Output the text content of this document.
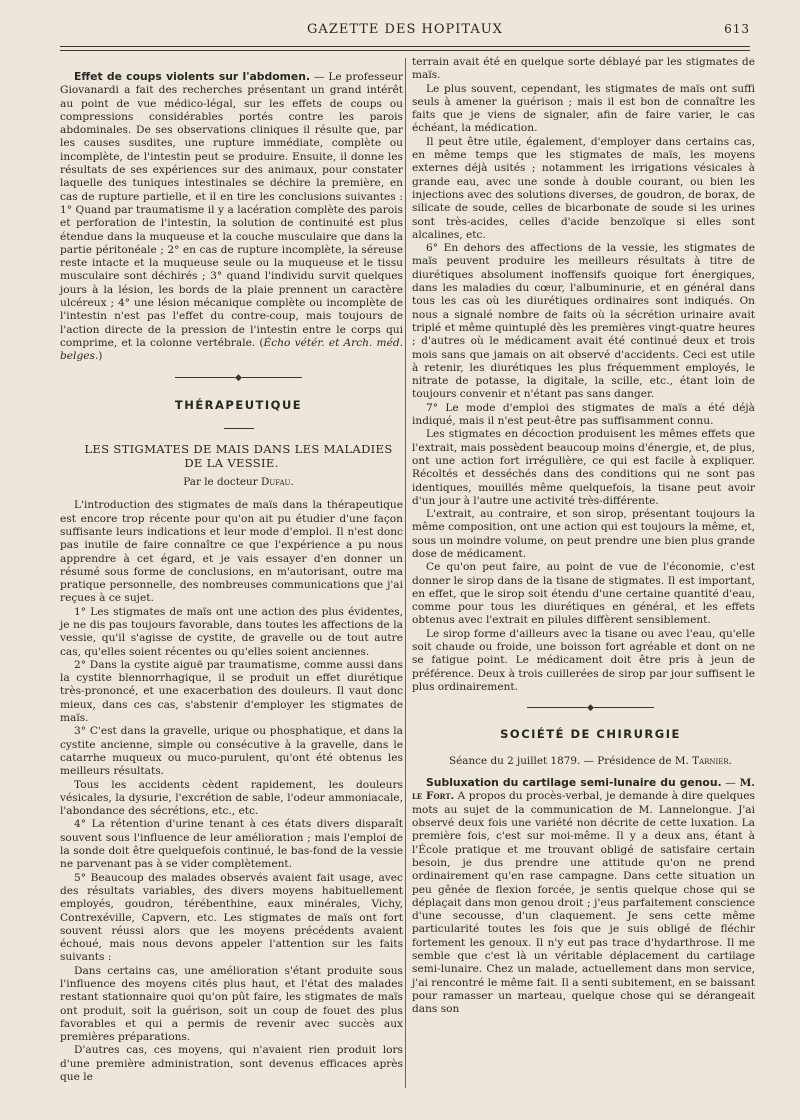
GAZETTE DES HOPITAUX	613

Effet de coups violents sur l'abdomen. — Le professeur Giovanardi a fait des recherches présentant un grand intérêt au point de vue médico-légal, sur les effets de coups ou compressions considérables portés contre les parois abdominales. De ses observations cliniques il résulte que, par les causes susdites, une rupture immédiate, complète ou incomplète, de l'intestin peut se produire. Ensuite, il donne les résultats de ses expériences sur des animaux, pour constater laquelle des tuniques intestinales se déchire la première, en cas de rupture partielle, et il en tire les conclusions suivantes : 1° Quand par traumatisme il y a lacération complète des parois et perforation de l'intestin, la solution de continuité est plus étendue dans la muqueuse et la couche musculaire que dans la partie péritonéale ; 2° en cas de rupture incomplète, la séreuse reste intacte et la muqueuse seule ou la muqueuse et le tissu musculaire sont déchirés ; 3° quand l'individu survit quelques jours à la lésion, les bords de la plaie prennent un caractère ulcéreux ; 4° une lésion mécanique complète ou incomplète de l'intestin n'est pas l'effet du contre-coup, mais toujours de l'action directe de la pression de l'intestin entre le corps qui comprime, et la colonne vertébrale. (Écho vétér. et Arch. méd. belges.)

◆

THÉRAPEUTIQUE

LES STIGMATES DE MAIS DANS LES MALADIES DE LA VESSIE.

Par le docteur Dufau.

L'introduction des stigmates de maïs dans la thérapeutique est encore trop récente pour qu'on ait pu étudier d'une façon suffisante leurs indications et leur mode d'emploi. Il n'est donc pas inutile de faire connaître ce que l'expérience a pu nous apprendre à cet égard, et je vais essayer d'en donner un résumé sous forme de conclusions, en m'autorisant, outre ma pratique personnelle, des nombreuses communications que j'ai reçues à ce sujet.

1° Les stigmates de maïs ont une action des plus évidentes, je ne dis pas toujours favorable, dans toutes les affections de la vessie, qu'il s'agisse de cystite, de gravelle ou de tout autre cas, qu'elles soient récentes ou qu'elles soient anciennes.

2° Dans la cystite aiguë par traumatisme, comme aussi dans la cystite blennorrhagique, il se produit un effet diurétique très-prononcé, et une exacerbation des douleurs. Il vaut donc mieux, dans ces cas, s'abstenir d'employer les stigmates de maïs.

3° C'est dans la gravelle, urique ou phosphatique, et dans la cystite ancienne, simple ou consécutive à la gravelle, dans le catarrhe muqueux ou muco-purulent, qu'ont été obtenus les meilleurs résultats.

Tous les accidents cèdent rapidement, les douleurs vésicales, la dysurie, l'excrétion de sable, l'odeur ammoniacale, l'abondance des sécrétions, etc., etc.

4° La rétention d'urine tenant à ces états divers disparaît souvent sous l'influence de leur amélioration ; mais l'emploi de la sonde doit être quelquefois continué, le bas-fond de la vessie ne parvenant pas à se vider complètement.

5° Beaucoup des malades observés avaient fait usage, avec des résultats variables, des divers moyens habituellement employés, goudron, térébenthine, eaux minérales, Vichy, Contrexéville, Capvern, etc. Les stigmates de maïs ont fort souvent réussi alors que les moyens précédents avaient échoué, mais nous devons appeler l'attention sur les faits suivants :

Dans certains cas, une amélioration s'étant produite sous l'influence des moyens cités plus haut, et l'état des malades restant stationnaire quoi qu'on pût faire, les stigmates de maïs ont produit, soit la guérison, soit un coup de fouet des plus favorables et qui a permis de revenir avec succès aux premières préparations.

D'autres cas, ces moyens, qui n'avaient rien produit lors d'une première administration, sont devenus efficaces après que le

terrain avait été en quelque sorte déblayé par les stigmates de maïs.

Le plus souvent, cependant, les stigmates de maïs ont suffi seuls à amener la guérison ; mais il est bon de connaître les faits que je viens de signaler, afin de faire varier, le cas échéant, la médication.

Il peut être utile, également, d'employer dans certains cas, en même temps que les stigmates de maïs, les moyens externes déjà usités ; notamment les irrigations vésicales à grande eau, avec une sonde à double courant, ou bien les injections avec des solutions diverses, de goudron, de borax, de silicate de soude, celles de bicarbonate de soude si les urines sont très-acides, celles d'acide benzoïque si elles sont alcalines, etc.

6° En dehors des affections de la vessie, les stigmates de maïs peuvent produire les meilleurs résultats à titre de diurétiques absolument inoffensifs quoique fort énergiques, dans les maladies du cœur, l'albuminurie, et en général dans tous les cas où les diurétiques ordinaires sont indiqués. On nous a signalé nombre de faits où la sécrétion urinaire avait triplé et même quintuplé dès les premières vingt-quatre heures ; d'autres où le médicament avait été continué deux et trois mois sans que jamais on ait observé d'accidents. Ceci est utile à retenir, les diurétiques les plus fréquemment employés, le nitrate de potasse, la digitale, la scille, etc., étant loin de toujours convenir et n'étant pas sans danger.

7° Le mode d'emploi des stigmates de maïs a été déjà indiqué, mais il n'est peut-être pas suffisamment connu.

Les stigmates en décoction produisent les mêmes effets que l'extrait, mais possèdent beaucoup moins d'énergie, et, de plus, ont une action fort irrégulière, ce qui est facile à expliquer. Récoltés et desséchés dans des conditions qui ne sont pas identiques, mouillés même quelquefois, la tisane peut avoir d'un jour à l'autre une activité très-différente.

L'extrait, au contraire, et son sirop, présentant toujours la même composition, ont une action qui est toujours la même, et, sous un moindre volume, on peut prendre une bien plus grande dose de médicament.

Ce qu'on peut faire, au point de vue de l'économie, c'est donner le sirop dans de la tisane de stigmates. Il est important, en effet, que le sirop soit étendu d'une certaine quantité d'eau, comme pour tous les diurétiques en général, et les effets obtenus avec l'extrait en pilules diffèrent sensiblement.

Le sirop forme d'ailleurs avec la tisane ou avec l'eau, qu'elle soit chaude ou froide, une boisson fort agréable et dont on ne se fatigue point. Le médicament doit être pris à jeun de préférence. Deux à trois cuillerées de sirop par jour suffisent le plus ordinairement.

◆

SOCIÉTÉ DE CHIRURGIE

Séance du 2 juillet 1879. — Présidence de M. Tarnier.

Subluxation du cartilage semi-lunaire du genou. — M. le Fort. A propos du procès-verbal, je demande à dire quelques mots au sujet de la communication de M. Lannelongue. J'ai observé deux fois une variété non décrite de cette luxation. La première fois, c'est sur moi-même. Il y a deux ans, étant à l'École pratique et me trouvant obligé de satisfaire certain besoin, je dus prendre une attitude qu'on ne prend ordinairement qu'en rase campagne. Dans cette situation un peu gênée de flexion forcée, je sentis quelque chose qui se déplaçait dans mon genou droit ; j'eus parfaitement conscience d'une secousse, d'un claquement. Je sens cette même particularité toutes les fois que je suis obligé de fléchir fortement les genoux. Il n'y eut pas trace d'hydarthrose. Il me semble que c'est là un véritable déplacement du cartilage semi-lunaire. Chez un malade, actuellement dans mon service, j'ai rencontré le même fait. Il a senti subitement, en se baissant pour ramasser un marteau, quelque chose qui se dérangeait dans son
